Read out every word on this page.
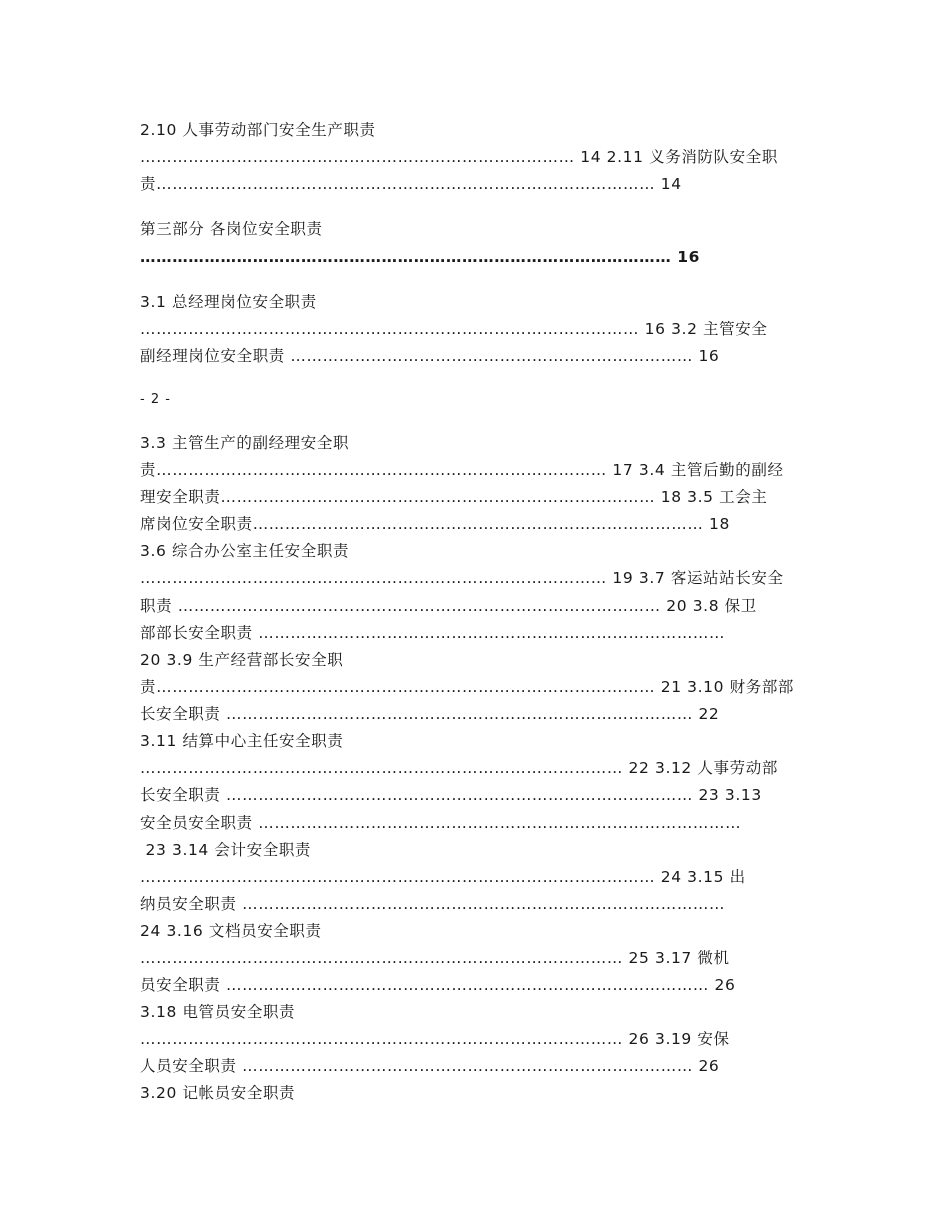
2.10 人事劳动部门安全生产职责
……………………………………………………………………… 14 2.11 义务消防队安全职
责………………………………………………………………………………… 14
第三部分 各岗位安全职责
……………………………………………………………………………………… 16
3.1 总经理岗位安全职责
………………………………………………………………………………… 16 3.2 主管安全
副经理岗位安全职责 ………………………………………………………………… 16
- 2 -
3.3 主管生产的副经理安全职
责………………………………………………………………………… 17 3.4 主管后勤的副经
理安全职责……………………………………………………………………… 18 3.5 工会主
席岗位安全职责………………………………………………………………………… 18
3.6 综合办公室主任安全职责
…………………………………………………………………………… 19 3.7 客运站站长安全
职责 ……………………………………………………………………………… 20 3.8 保卫
部部长安全职责 ……………………………………………………………………………
20 3.9 生产经营部长安全职
责………………………………………………………………………………… 21 3.10 财务部部
长安全职责 …………………………………………………………………………… 22
3.11 结算中心主任安全职责
……………………………………………………………………………… 22 3.12 人事劳动部
长安全职责 …………………………………………………………………………… 23 3.13
安全员安全职责 ………………………………………………………………………………
23 3.14 会计安全职责
…………………………………………………………………………………… 24 3.15 出
纳员安全职责 ………………………………………………………………………………
24 3.16 文档员安全职责
……………………………………………………………………………… 25 3.17 微机
员安全职责 ……………………………………………………………………………… 26
3.18 电管员安全职责
……………………………………………………………………………… 26 3.19 安保
人员安全职责 ………………………………………………………………………… 26
3.20 记帐员安全职责
